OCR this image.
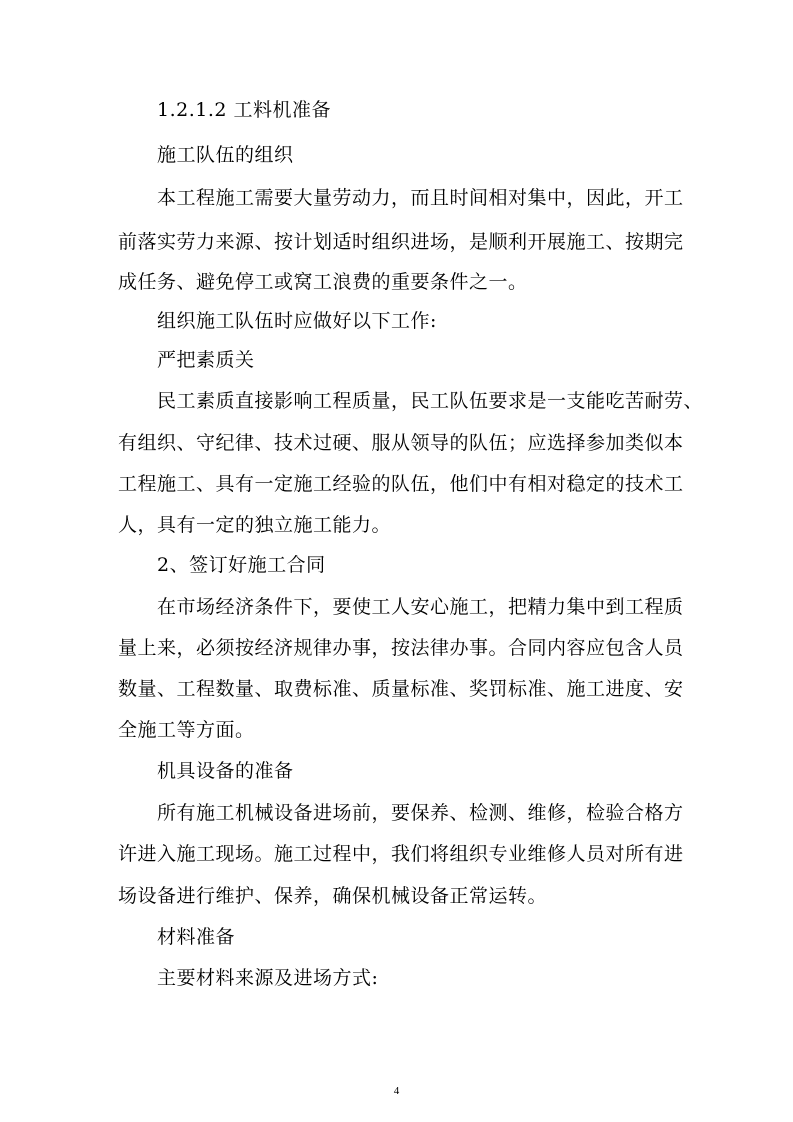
1.2.1.2 工料机准备
施工队伍的组织
本工程施工需要大量劳动力，而且时间相对集中，因此，开工
前落实劳力来源、按计划适时组织进场，是顺利开展施工、按期完
成任务、避免停工或窝工浪费的重要条件之一。
组织施工队伍时应做好以下工作:
严把素质关
民工素质直接影响工程质量，民工队伍要求是一支能吃苦耐劳、
有组织、守纪律、技术过硬、服从领导的队伍；应选择参加类似本
工程施工、具有一定施工经验的队伍，他们中有相对稳定的技术工
人，具有一定的独立施工能力。
2、签订好施工合同
在市场经济条件下，要使工人安心施工，把精力集中到工程质
量上来，必须按经济规律办事，按法律办事。合同内容应包含人员
数量、工程数量、取费标准、质量标准、奖罚标准、施工进度、安
全施工等方面。
机具设备的准备
所有施工机械设备进场前，要保养、检测、维修，检验合格方
许进入施工现场。施工过程中，我们将组织专业维修人员对所有进
场设备进行维护、保养，确保机械设备正常运转。
材料准备
主要材料来源及进场方式:
4
